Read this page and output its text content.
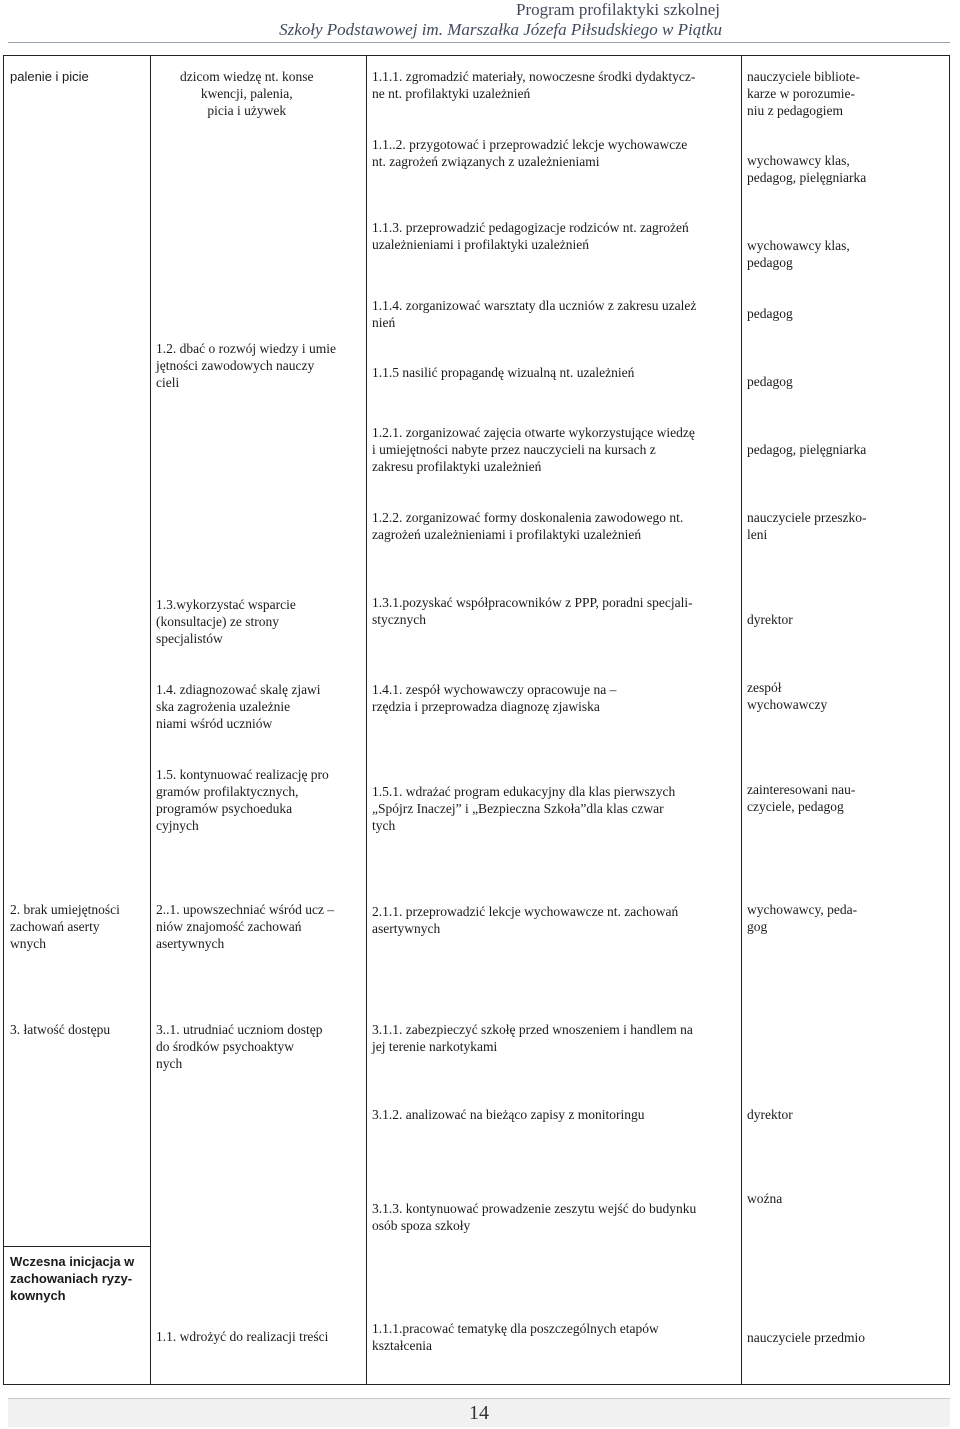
Program profilaktyki szkolnej
Szkoły Podstawowej im. Marszałka Józefa Piłsudskiego w Piątku
palenie i picie
2. brak umiejętności
zachowań aserty
wnych
3. łatwość dostępu
Wczesna inicjacja w
zachowaniach ryzy-
kownych
dzicom wiedzę nt. konse
kwencji, palenia,
picia i używek
1.2. dbać o rozwój wiedzy i umie
jętności zawodowych nauczy
cieli
1.3.wykorzystać wsparcie
(konsultacje) ze strony
specjalistów
1.4. zdiagnozować skalę zjawi
ska zagrożenia uzależnie
niami wśród uczniów
1.5. kontynuować realizację pro
gramów profilaktycznych,
programów psychoeduka
cyjnych
2..1. upowszechniać wśród ucz –
niów znajomość zachowań
asertywnych
3..1. utrudniać uczniom dostęp
do środków psychoaktyw
nych
1.1. wdrożyć do realizacji treści
1.1.1. zgromadzić materiały, nowoczesne środki dydaktycz-
ne nt. profilaktyki uzależnień
1.1..2. przygotować i przeprowadzić lekcje wychowawcze
nt. zagrożeń związanych z uzależnieniami
1.1.3. przeprowadzić pedagogizacje rodziców nt. zagrożeń
uzależnieniami i profilaktyki uzależnień
1.1.4. zorganizować warsztaty dla uczniów z zakresu uzależ
nień
1.1.5 nasilić propagandę wizualną nt. uzależnień
1.2.1. zorganizować zajęcia otwarte wykorzystujące wiedzę
i umiejętności nabyte przez nauczycieli na kursach z
zakresu profilaktyki uzależnień
1.2.2. zorganizować formy doskonalenia zawodowego nt.
zagrożeń uzależnieniami i profilaktyki uzależnień
1.3.1.pozyskać współpracowników z PPP, poradni specjali-
stycznych
1.4.1. zespół wychowawczy opracowuje na –
rzędzia i przeprowadza diagnozę zjawiska
1.5.1. wdrażać program edukacyjny dla klas pierwszych
„Spójrz Inaczej” i „Bezpieczna Szkoła”dla klas czwar
tych
2.1.1. przeprowadzić lekcje wychowawcze nt. zachowań
asertywnych
3.1.1. zabezpieczyć szkołę przed wnoszeniem i handlem na
jej terenie narkotykami
3.1.2. analizować na bieżąco zapisy z monitoringu
3.1.3. kontynuować prowadzenie zeszytu wejść do budynku
osób spoza szkoły
1.1.1.pracować tematykę dla poszczególnych etapów
kształcenia
nauczyciele bibliote-
karze w porozumie-
niu z pedagogiem
wychowawcy klas,
pedagog, pielęgniarka
wychowawcy klas,
pedagog
pedagog
pedagog
pedagog, pielęgniarka
nauczyciele przeszko-
leni
dyrektor
zespół
wychowawczy
zainteresowani nau-
czyciele, pedagog
wychowawcy, peda-
gog
dyrektor
woźna
nauczyciele przedmio
14
